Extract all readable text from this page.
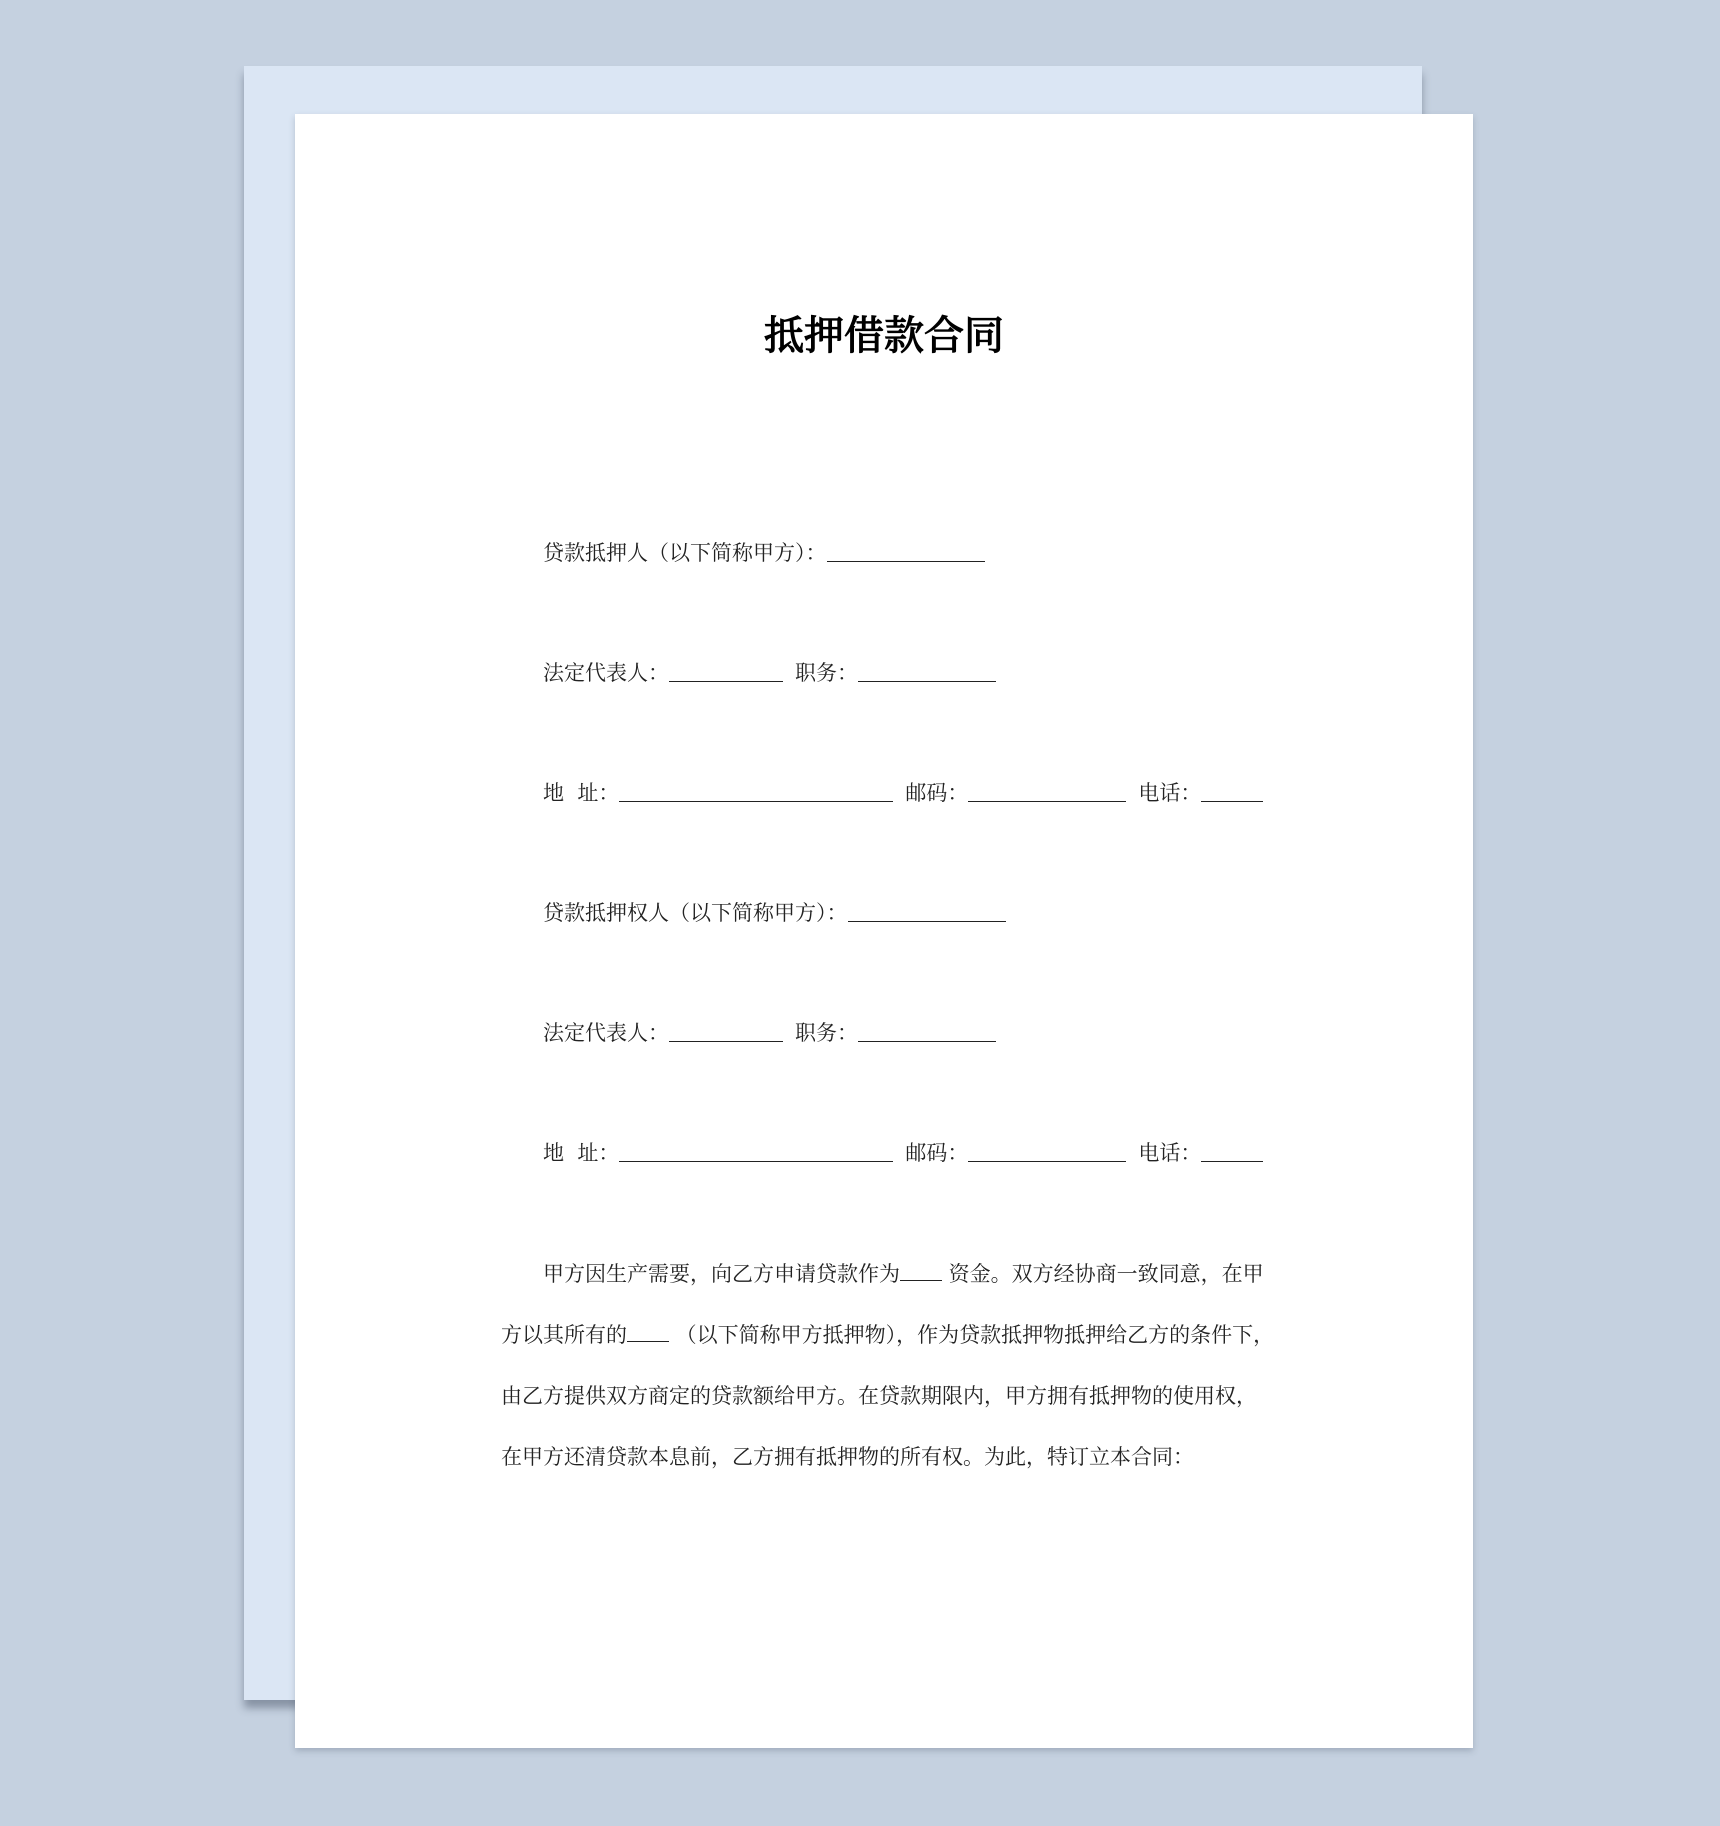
抵押借款合同
贷款抵押人（以下简称甲方）：
法定代表人：	职务：
地  址：	邮码：	电话：
贷款抵押权人（以下简称甲方）：
法定代表人：	职务：
地  址：	邮码：	电话：
甲方因生产需要，向乙方申请贷款作为 资金。双方经协商一致同意，在甲
方以其所有的 （以下简称甲方抵押物），作为贷款抵押物抵押给乙方的条件下，
由乙方提供双方商定的贷款额给甲方。在贷款期限内，甲方拥有抵押物的使用权，
在甲方还清贷款本息前，乙方拥有抵押物的所有权。为此，特订立本合同：
